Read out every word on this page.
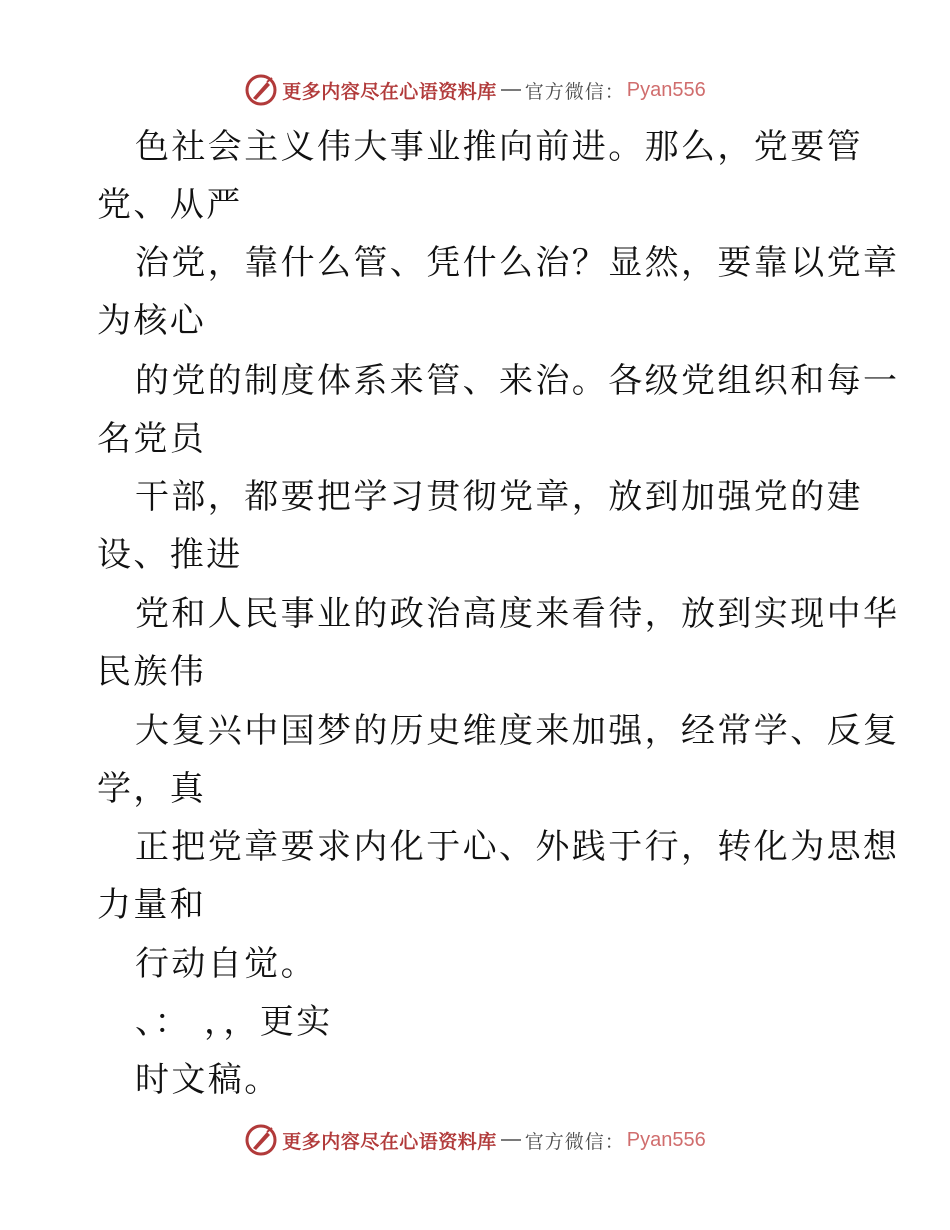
更多内容尽在心语资料库 官方微信： Pyan556
色社会主义伟大事业推向前进。那么，党要管
党、从严
治党，靠什么管、凭什么治？显然，要靠以党章
为核心
的党的制度体系来管、来治。各级党组织和每一
名党员
干部，都要把学习贯彻党章，放到加强党的建
设、推进
党和人民事业的政治高度来看待，放到实现中华
民族伟
大复兴中国梦的历史维度来加强，经常学、反复
学，真
正把党章要求内化于心、外践于行，转化为思想
力量和
行动自觉。
、： ，，更实
时文稿。
更多内容尽在心语资料库 官方微信： Pyan556
